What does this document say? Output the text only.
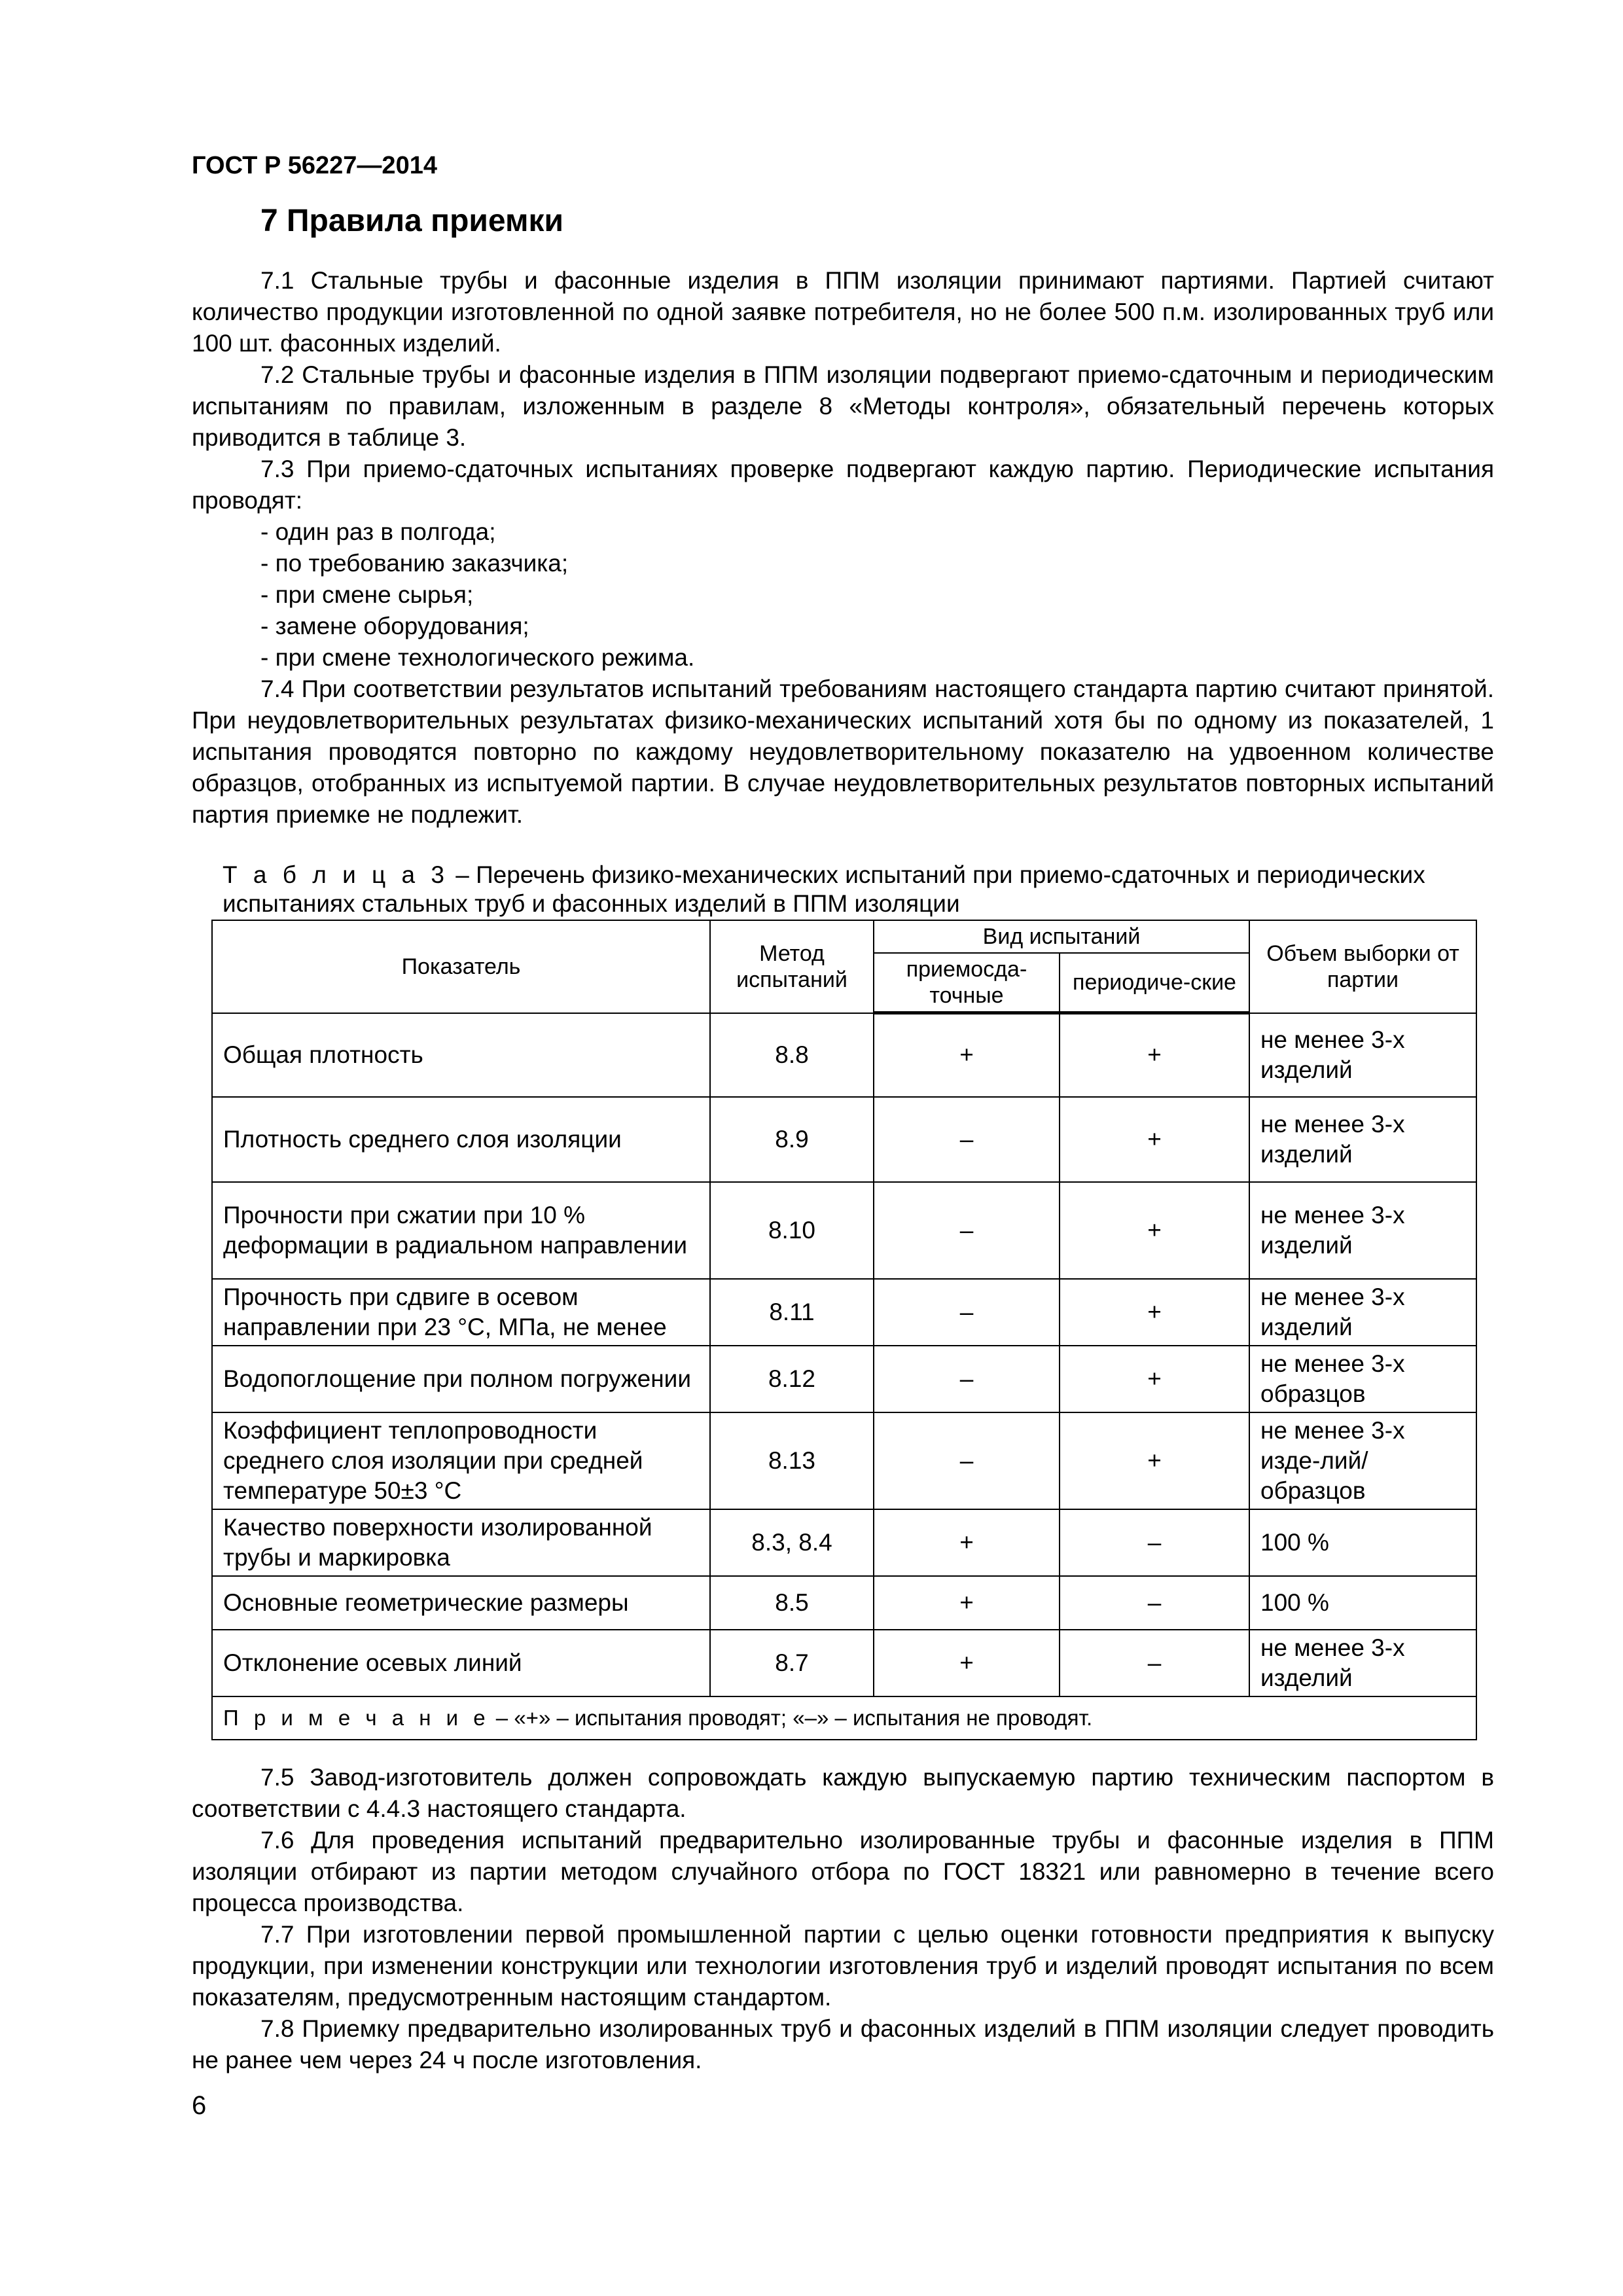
ГОСТ Р 56227—2014
7 Правила приемки

7.1 Стальные трубы и фасонные изделия в ППМ изоляции принимают партиями. Партией считают количество продукции изготовленной по одной заявке потребителя, но не более 500 п.м. изолированных труб или 100 шт. фасонных изделий.

7.2 Стальные трубы и фасонные изделия в ППМ изоляции подвергают приемо-сдаточным и периодическим испытаниям по правилам, изложенным в разделе 8 «Методы контроля», обязательный перечень которых приводится в таблице 3.

7.3 При приемо-сдаточных испытаниях проверке подвергают каждую партию. Периодические испытания проводят:

- один раз в полгода;

- по требованию заказчика;

- при смене сырья;

- замене оборудования;

- при смене технологического режима.

7.4 При соответствии результатов испытаний требованиям настоящего стандарта партию считают принятой. При неудовлетворительных результатах физико-механических испытаний хотя бы по одному из показателей, 1 испытания проводятся повторно по каждому неудовлетворительному показателю на удвоенном количестве образцов, отобранных из испытуемой партии. В случае неудовлетворительных результатов повторных испытаний партия приемке не подлежит.

Т а б л и ц а 3 – Перечень физико-механических испытаний при приемо-сдаточных и периодических испытаниях стальных труб и фасонных изделий в ППМ изоляции
Показатель	Метод испытаний	Вид испытаний		Объем выборки от партии
		приемосда-точные	периодиче-ские	
Общая плотность	8.8	+	+	не менее 3-х изделий
Плотность среднего слоя изоляции	8.9	–	+	не менее 3-х изделий
Прочности при сжатии при 10 % деформации в радиальном направлении	8.10	–	+	не менее 3-х изделий
Прочность при сдвиге в осевом направлении при 23 °С, МПа, не менее	8.11	–	+	не менее 3-х изделий
Водопоглощение при полном погружении	8.12	–	+	не менее 3-х образцов
Коэффициент теплопроводности среднего слоя изоляции при средней температуре 50±3 °С	8.13	–	+	не менее 3-х изде-лий/образцов
Качество поверхности изолированной трубы и маркировка	8.3, 8.4	+	–	100 %
Основные геометрические размеры	8.5	+	–	100 %
Отклонение осевых линий	8.7	+	–	не менее 3-х изделий
П р и м е ч а н и е – «+» – испытания проводят; «–» – испытания не проводят.				

7.5 Завод-изготовитель должен сопровождать каждую выпускаемую партию техническим паспортом в соответствии с 4.4.3 настоящего стандарта.

7.6 Для проведения испытаний предварительно изолированные трубы и фасонные изделия в ППМ изоляции отбирают из партии методом случайного отбора по ГОСТ 18321 или равномерно в течение всего процесса производства.

7.7 При изготовлении первой промышленной партии с целью оценки готовности предприятия к выпуску продукции, при изменении конструкции или технологии изготовления труб и изделий проводят испытания по всем показателям, предусмотренным настоящим стандартом.

7.8 Приемку предварительно изолированных труб и фасонных изделий в ППМ изоляции следует проводить не ранее чем через 24 ч после изготовления.

6
